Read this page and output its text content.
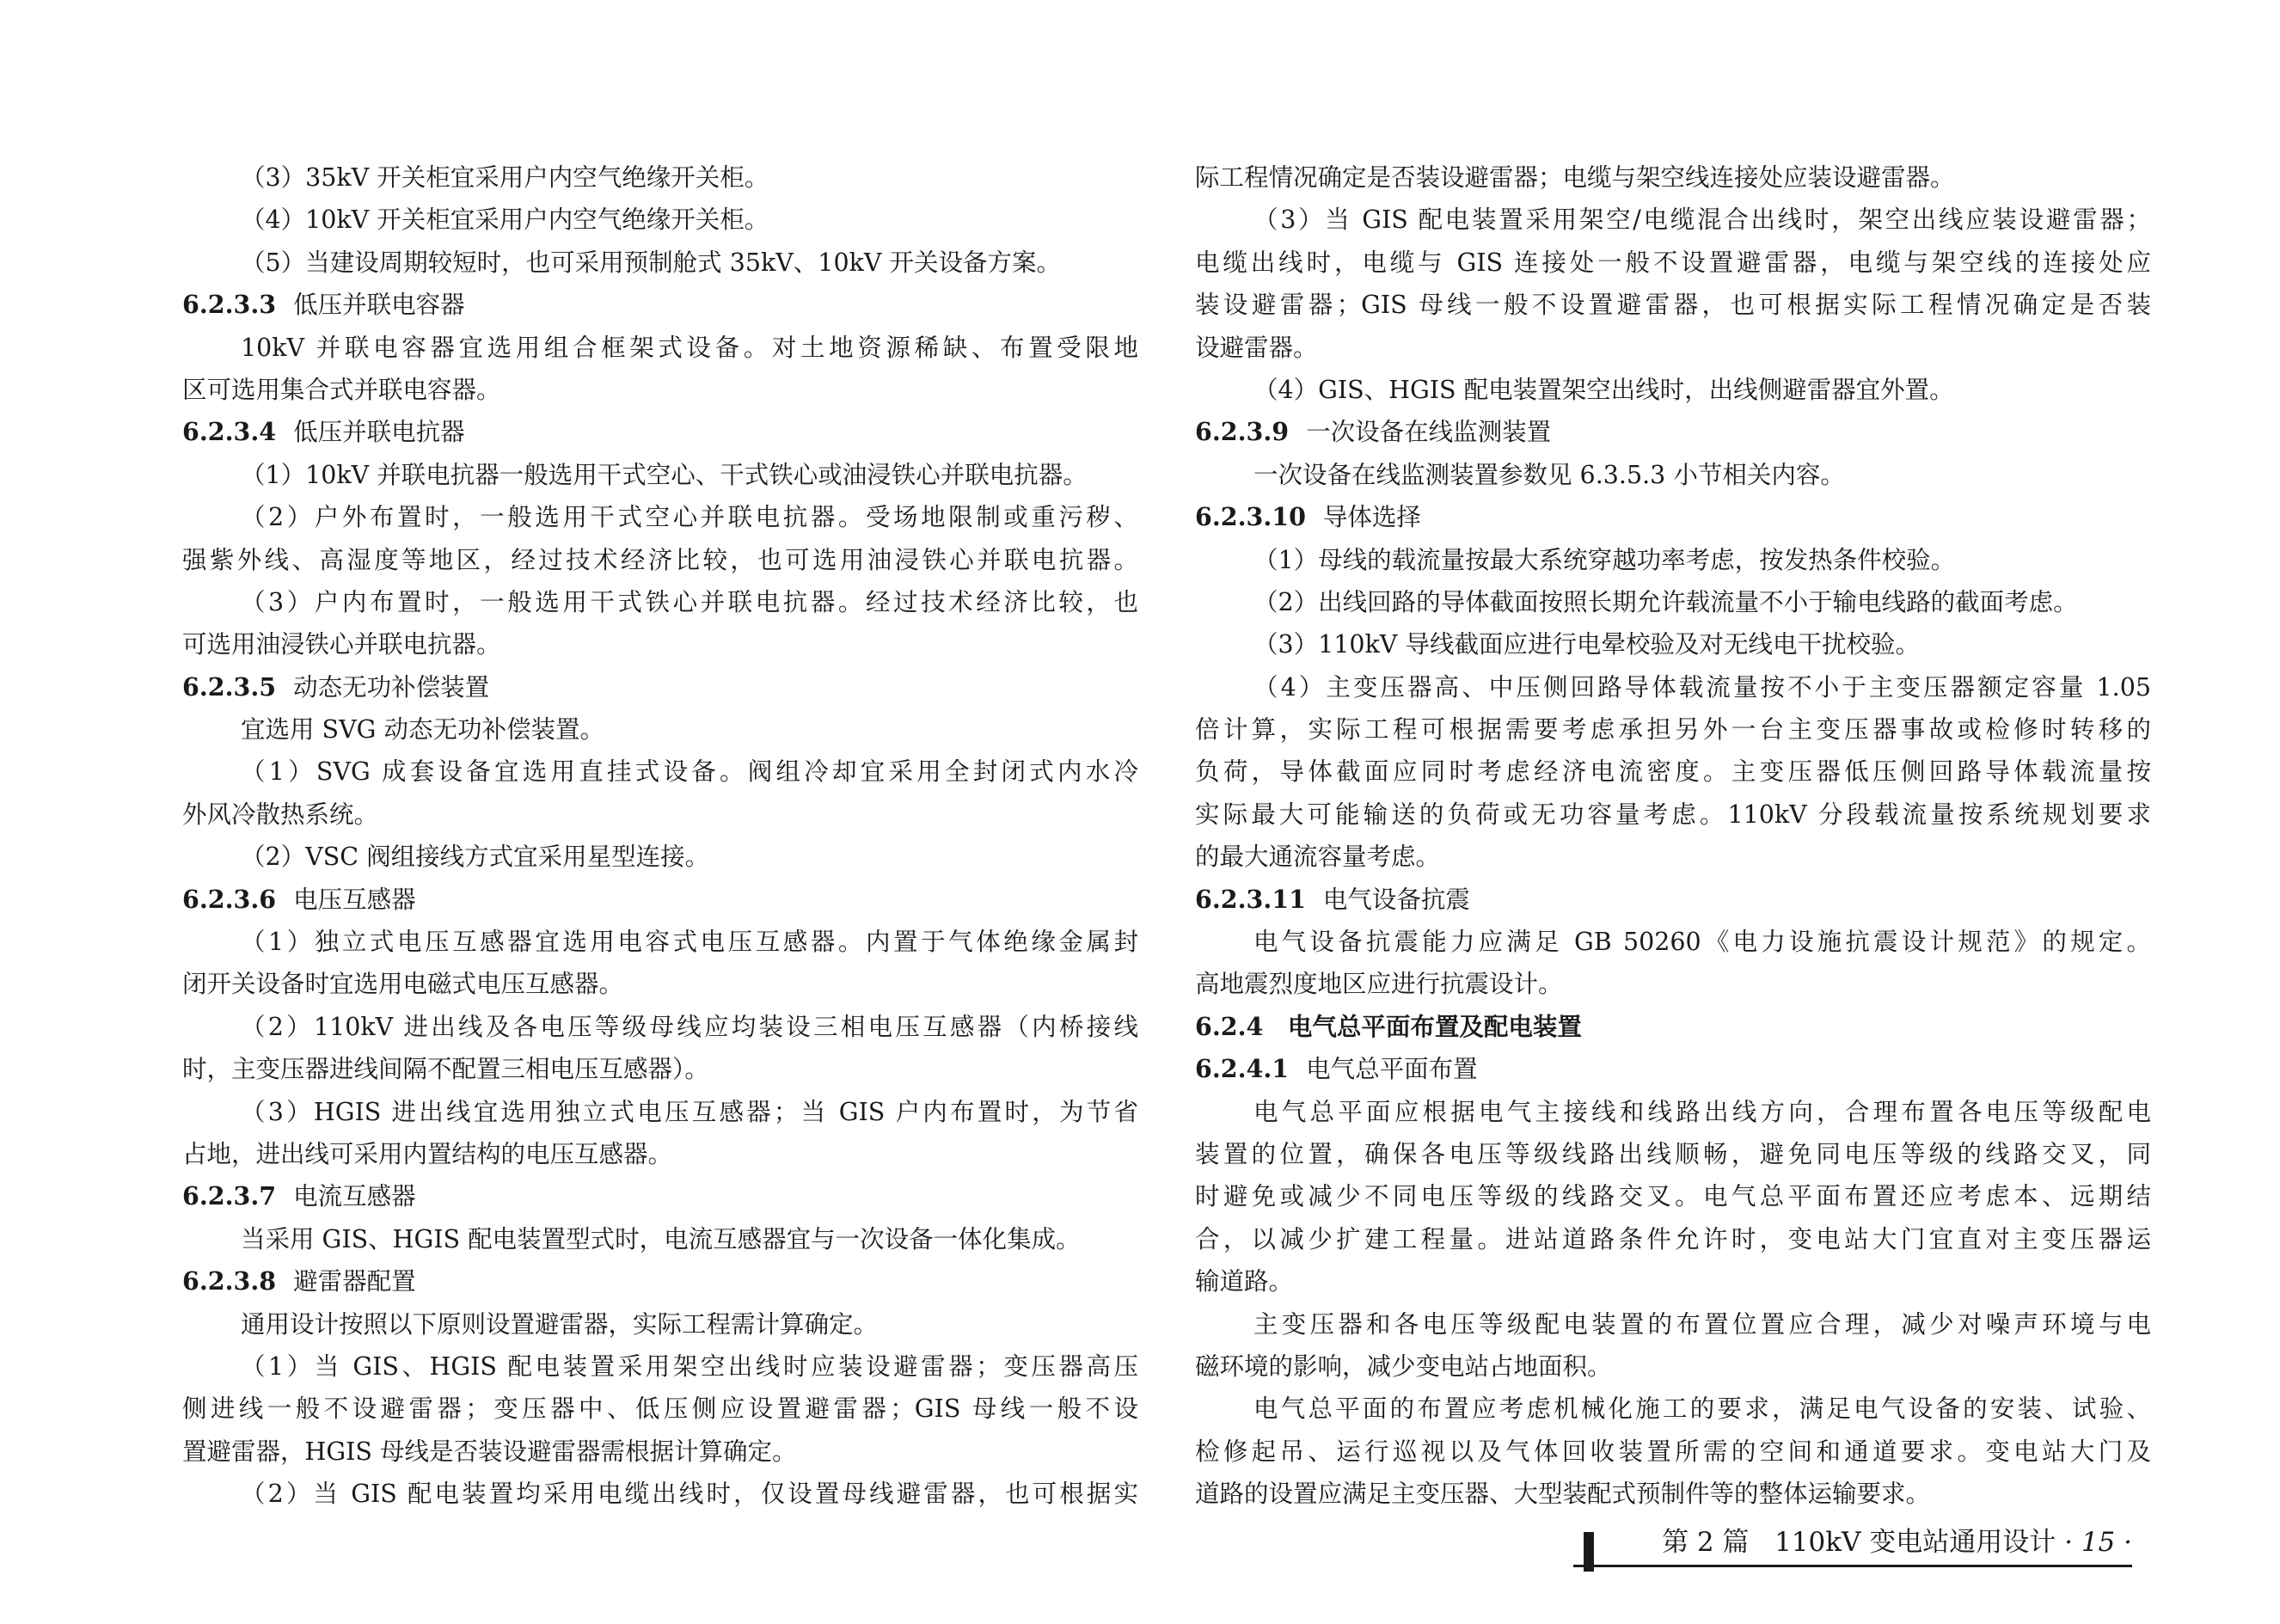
（3）35kV 开关柜宜采用户内空气绝缘开关柜。
（4）10kV 开关柜宜采用户内空气绝缘开关柜。
（5）当建设周期较短时，也可采用预制舱式 35kV、10kV 开关设备方案。
6.2.3.3 低压并联电容器
10kV 并联电容器宜选用组合框架式设备。对土地资源稀缺、布置受限地
区可选用集合式并联电容器。
6.2.3.4 低压并联电抗器
（1）10kV 并联电抗器一般选用干式空心、干式铁心或油浸铁心并联电抗器。
（2）户外布置时，一般选用干式空心并联电抗器。受场地限制或重污秽、
强紫外线、高湿度等地区，经过技术经济比较，也可选用油浸铁心并联电抗器。
（3）户内布置时，一般选用干式铁心并联电抗器。经过技术经济比较，也
可选用油浸铁心并联电抗器。
6.2.3.5 动态无功补偿装置
宜选用 SVG 动态无功补偿装置。
（1）SVG 成套设备宜选用直挂式设备。阀组冷却宜采用全封闭式内水冷
外风冷散热系统。
（2）VSC 阀组接线方式宜采用星型连接。
6.2.3.6 电压互感器
（1）独立式电压互感器宜选用电容式电压互感器。内置于气体绝缘金属封
闭开关设备时宜选用电磁式电压互感器。
（2）110kV 进出线及各电压等级母线应均装设三相电压互感器（内桥接线
时，主变压器进线间隔不配置三相电压互感器）。
（3）HGIS 进出线宜选用独立式电压互感器；当 GIS 户内布置时，为节省
占地，进出线可采用内置结构的电压互感器。
6.2.3.7 电流互感器
当采用 GIS、HGIS 配电装置型式时，电流互感器宜与一次设备一体化集成。
6.2.3.8 避雷器配置
通用设计按照以下原则设置避雷器，实际工程需计算确定。
（1）当 GIS、HGIS 配电装置采用架空出线时应装设避雷器；变压器高压
侧进线一般不设避雷器；变压器中、低压侧应设置避雷器；GIS 母线一般不设
置避雷器，HGIS 母线是否装设避雷器需根据计算确定。
（2）当 GIS 配电装置均采用电缆出线时，仅设置母线避雷器，也可根据实
际工程情况确定是否装设避雷器；电缆与架空线连接处应装设避雷器。
（3）当 GIS 配电装置采用架空/电缆混合出线时，架空出线应装设避雷器；
电缆出线时，电缆与 GIS 连接处一般不设置避雷器，电缆与架空线的连接处应
装设避雷器；GIS 母线一般不设置避雷器，也可根据实际工程情况确定是否装
设避雷器。
（4）GIS、HGIS 配电装置架空出线时，出线侧避雷器宜外置。
6.2.3.9 一次设备在线监测装置
一次设备在线监测装置参数见 6.3.5.3 小节相关内容。
6.2.3.10 导体选择
（1）母线的载流量按最大系统穿越功率考虑，按发热条件校验。
（2）出线回路的导体截面按照长期允许载流量不小于输电线路的截面考虑。
（3）110kV 导线截面应进行电晕校验及对无线电干扰校验。
（4）主变压器高、中压侧回路导体载流量按不小于主变压器额定容量 1.05
倍计算，实际工程可根据需要考虑承担另外一台主变压器事故或检修时转移的
负荷，导体截面应同时考虑经济电流密度。主变压器低压侧回路导体载流量按
实际最大可能输送的负荷或无功容量考虑。110kV 分段载流量按系统规划要求
的最大通流容量考虑。
6.2.3.11 电气设备抗震
电气设备抗震能力应满足 GB 50260《电力设施抗震设计规范》的规定。
高地震烈度地区应进行抗震设计。
6.2.4　电气总平面布置及配电装置
6.2.4.1 电气总平面布置
电气总平面应根据电气主接线和线路出线方向，合理布置各电压等级配电
装置的位置，确保各电压等级线路出线顺畅，避免同电压等级的线路交叉，同
时避免或减少不同电压等级的线路交叉。电气总平面布置还应考虑本、远期结
合，以减少扩建工程量。进站道路条件允许时，变电站大门宜直对主变压器运
输道路。
主变压器和各电压等级配电装置的布置位置应合理，减少对噪声环境与电
磁环境的影响，减少变电站占地面积。
电气总平面的布置应考虑机械化施工的要求，满足电气设备的安装、试验、
检修起吊、运行巡视以及气体回收装置所需的空间和通道要求。变电站大门及
道路的设置应满足主变压器、大型装配式预制件等的整体运输要求。
第 2 篇 110kV 变电站通用设计 · 15 ·
